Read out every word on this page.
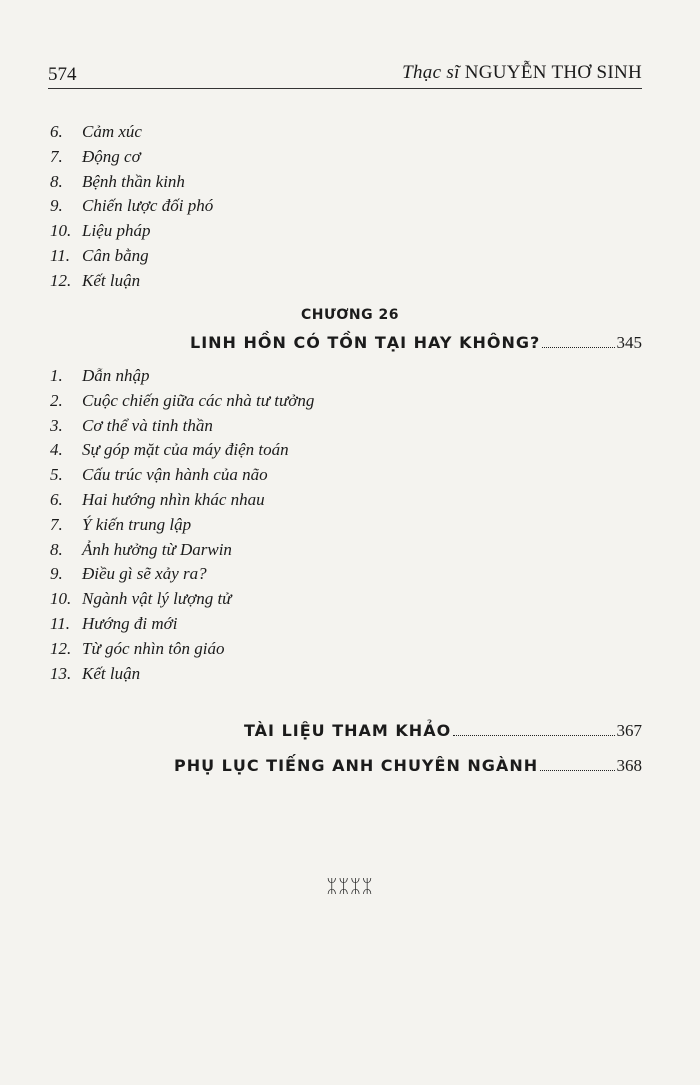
574	Thạc sĩ NGUYỄN THƠ SINH
6. Cảm xúc
7. Động cơ
8. Bệnh thần kinh
9. Chiến lược đối phó
10. Liệu pháp
11. Cân bằng
12. Kết luận
CHƯƠNG 26
LINH HỒN CÓ TỒN TẠI HAY KHÔNG?	345
1. Dẫn nhập
2. Cuộc chiến giữa các nhà tư tưởng
3. Cơ thể và tinh thần
4. Sự góp mặt của máy điện toán
5. Cấu trúc vận hành của não
6. Hai hướng nhìn khác nhau
7. Ý kiến trung lập
8. Ảnh hưởng từ Darwin
9. Điều gì sẽ xảy ra?
10. Ngành vật lý lượng tử
11. Hướng đi mới
12. Từ góc nhìn tôn giáo
13. Kết luận
TÀI LIỆU THAM KHẢO	367
PHỤ LỤC TIẾNG ANH CHUYÊN NGÀNH	368
ᛯᛯᛯᛯ
